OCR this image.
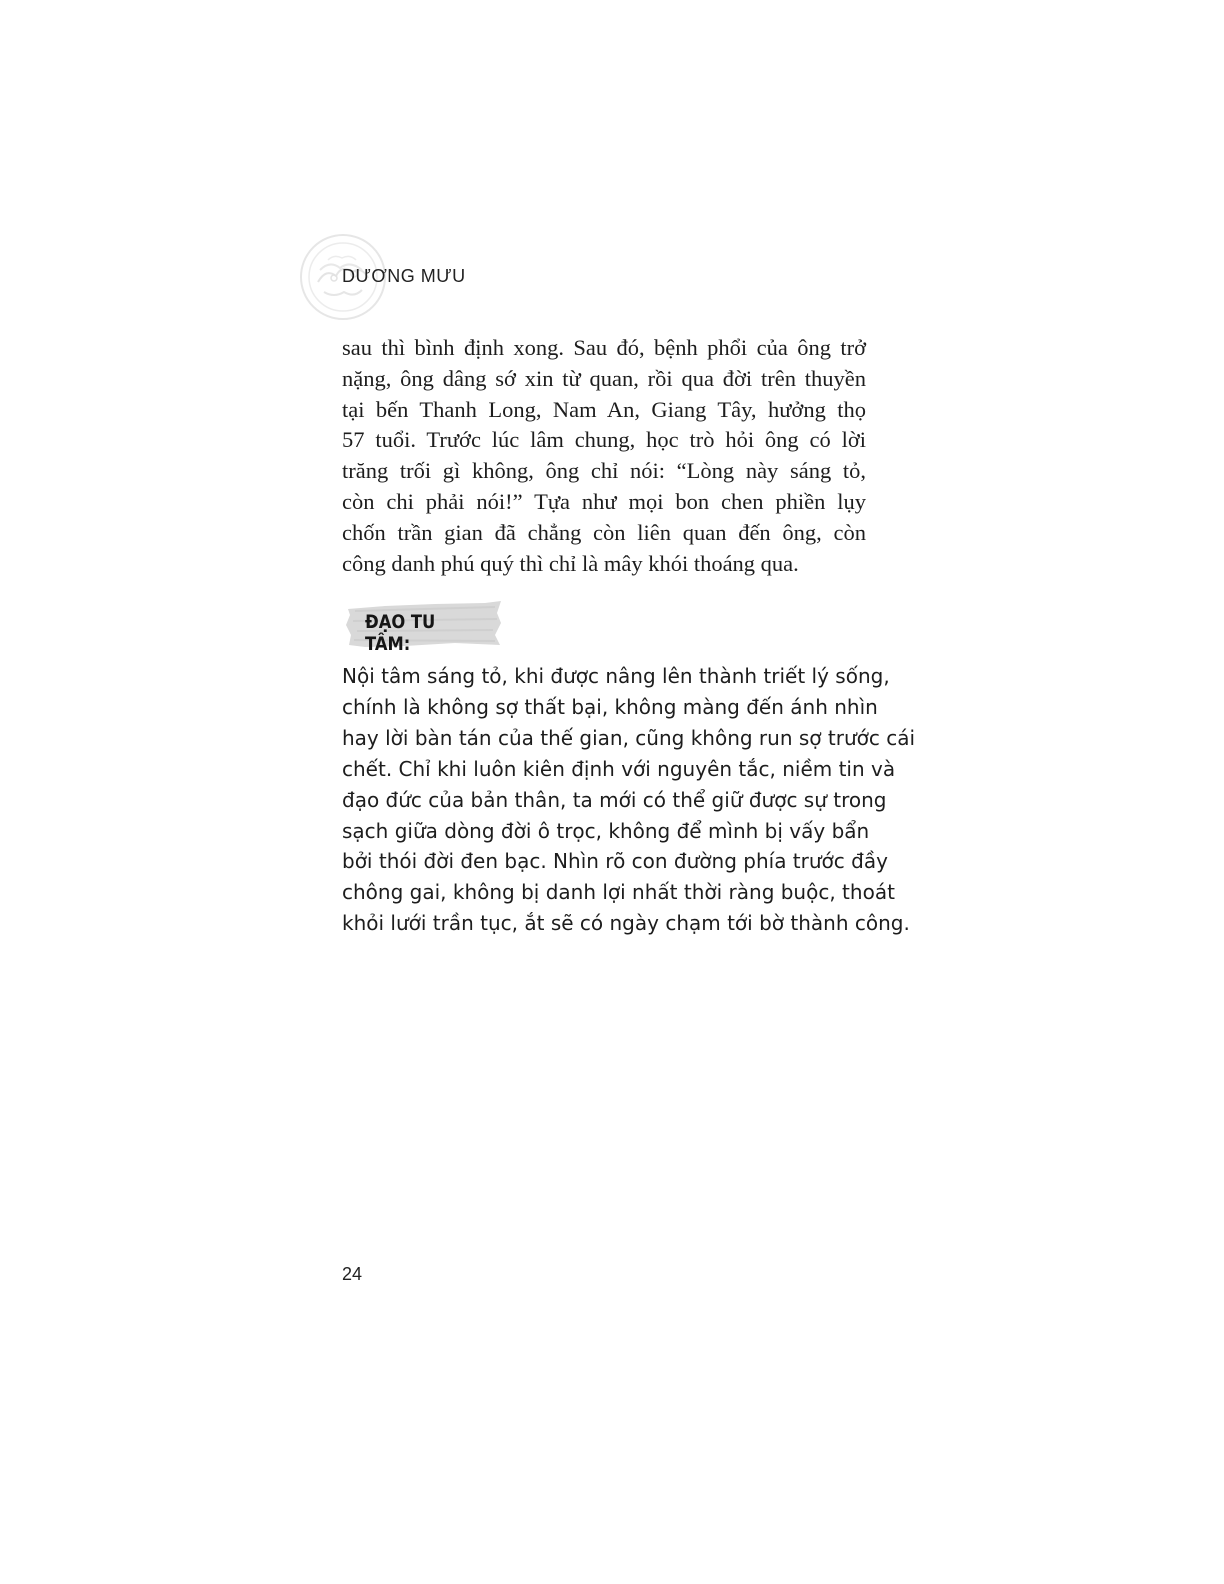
DƯƠNG MƯU
sau thì bình định xong. Sau đó, bệnh phổi của ông trở
nặng, ông dâng sớ xin từ quan, rồi qua đời trên thuyền
tại bến Thanh Long, Nam An, Giang Tây, hưởng thọ
57 tuổi. Trước lúc lâm chung, học trò hỏi ông có lời
trăng trối gì không, ông chỉ nói: “Lòng này sáng tỏ,
còn chi phải nói!” Tựa như mọi bon chen phiền lụy
chốn trần gian đã chẳng còn liên quan đến ông, còn
công danh phú quý thì chỉ là mây khói thoáng qua.
ĐẠO TU TÂM:
Nội tâm sáng tỏ, khi được nâng lên thành triết lý sống,
chính là không sợ thất bại, không màng đến ánh nhìn
hay lời bàn tán của thế gian, cũng không run sợ trước cái
chết. Chỉ khi luôn kiên định với nguyên tắc, niềm tin và
đạo đức của bản thân, ta mới có thể giữ được sự trong
sạch giữa dòng đời ô trọc, không để mình bị vấy bẩn
bởi thói đời đen bạc. Nhìn rõ con đường phía trước đầy
chông gai, không bị danh lợi nhất thời ràng buộc, thoát
khỏi lưới trần tục, ắt sẽ có ngày chạm tới bờ thành công.
24
